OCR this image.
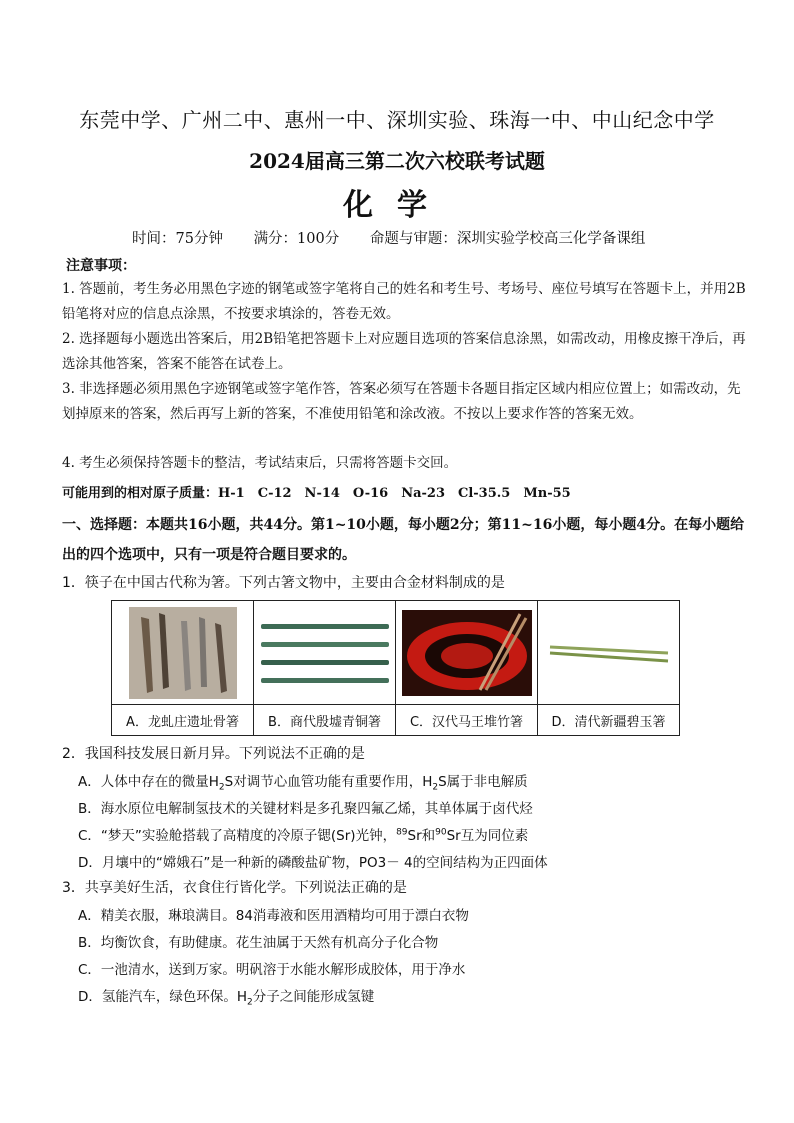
东莞中学、广州二中、惠州一中、深圳实验、珠海一中、中山纪念中学
2024届高三第二次六校联考试题
化学
时间：75分钟 满分：100分 命题与审题：深圳实验学校高三化学备课组
注意事项：
1. 答题前，考生务必用黑色字迹的钢笔或签字笔将自己的姓名和考生号、考场号、座位号填写在答题卡上，并用2B铅笔将对应的信息点涂黑，不按要求填涂的，答卷无效。
2. 选择题每小题选出答案后，用2B铅笔把答题卡上对应题目选项的答案信息涂黑，如需改动，用橡皮擦干净后，再选涂其他答案，答案不能答在试卷上。
3. 非选择题必须用黑色字迹钢笔或签字笔作答，答案必须写在答题卡各题目指定区域内相应位置上；如需改动，先划掉原来的答案，然后再写上新的答案，不准使用铅笔和涂改液。不按以上要求作答的答案无效。
4. 考生必须保持答题卡的整洁，考试结束后，只需将答题卡交回。
可能用到的相对原子质量：H-1　C-12　N-14　O-16　Na-23　Cl-35.5　Mn-55
一、选择题：本题共16小题，共44分。第1~10小题，每小题2分；第11~16小题，每小题4分。在每小题给出的四个选项中，只有一项是符合题目要求的。
1．筷子在中国古代称为箸。下列古箸文物中，主要由合金材料制成的是

A．龙虬庄遗址骨箸	B．商代殷墟青铜箸	C．汉代马王堆竹箸	D．清代新疆碧玉箸
2．我国科技发展日新月异。下列说法不正确的是
A．人体中存在的微量$H_2S$对调节心血管功能有重要作用，$H_2S$属于非电解质
B．海水原位电解制氢技术的关键材料是多孔聚四氟乙烯，其单体属于卤代烃
C．“梦天”实验舱搭载了高精度的冷原子锶(Sr)光钟，$^{89}$Sr和$^{90}$Sr互为同位素
D．月壤中的“嫦娥石”是一种新的磷酸盐矿物，PO3－ 4的空间结构为正四面体
3．共享美好生活，衣食住行皆化学。下列说法正确的是
A．精美衣服，琳琅满目。84消毒液和医用酒精均可用于漂白衣物
B．均衡饮食，有助健康。花生油属于天然有机高分子化合物
C．一池清水，送到万家。明矾溶于水能水解形成胶体，用于净水
D．氢能汽车，绿色环保。$H_2$分子之间能形成氢键
